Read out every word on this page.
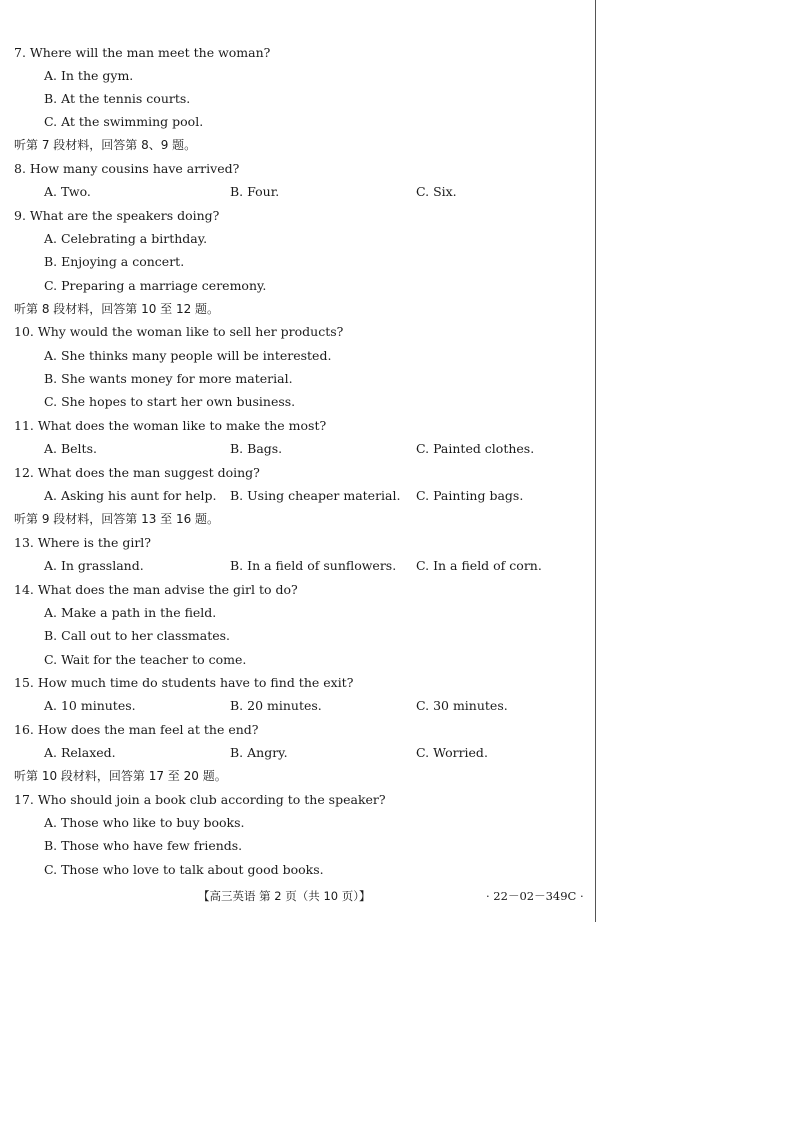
7. Where will the man meet the woman?
A. In the gym.
B. At the tennis courts.
C. At the swimming pool.
听第 7 段材料，回答第 8、9 题。
8. How many cousins have arrived?
A. Two.	B. Four.	C. Six.
9. What are the speakers doing?
A. Celebrating a birthday.
B. Enjoying a concert.
C. Preparing a marriage ceremony.
听第 8 段材料，回答第 10 至 12 题。
10. Why would the woman like to sell her products?
A. She thinks many people will be interested.
B. She wants money for more material.
C. She hopes to start her own business.
11. What does the woman like to make the most?
A. Belts.	B. Bags.	C. Painted clothes.
12. What does the man suggest doing?
A. Asking his aunt for help. B. Using cheaper material. C. Painting bags.
听第 9 段材料，回答第 13 至 16 题。
13. Where is the girl?
A. In grassland.	B. In a field of sunflowers. C. In a field of corn.
14. What does the man advise the girl to do?
A. Make a path in the field.
B. Call out to her classmates.
C. Wait for the teacher to come.
15. How much time do students have to find the exit?
A. 10 minutes.	B. 20 minutes.	C. 30 minutes.
16. How does the man feel at the end?
A. Relaxed.	B. Angry.	C. Worried.
听第 10 段材料，回答第 17 至 20 题。
17. Who should join a book club according to the speaker?
A. Those who like to buy books.
B. Those who have few friends.
C. Those who love to talk about good books.
【高三英语 第 2 页（共 10 页）】	· 22－02－349C ·
